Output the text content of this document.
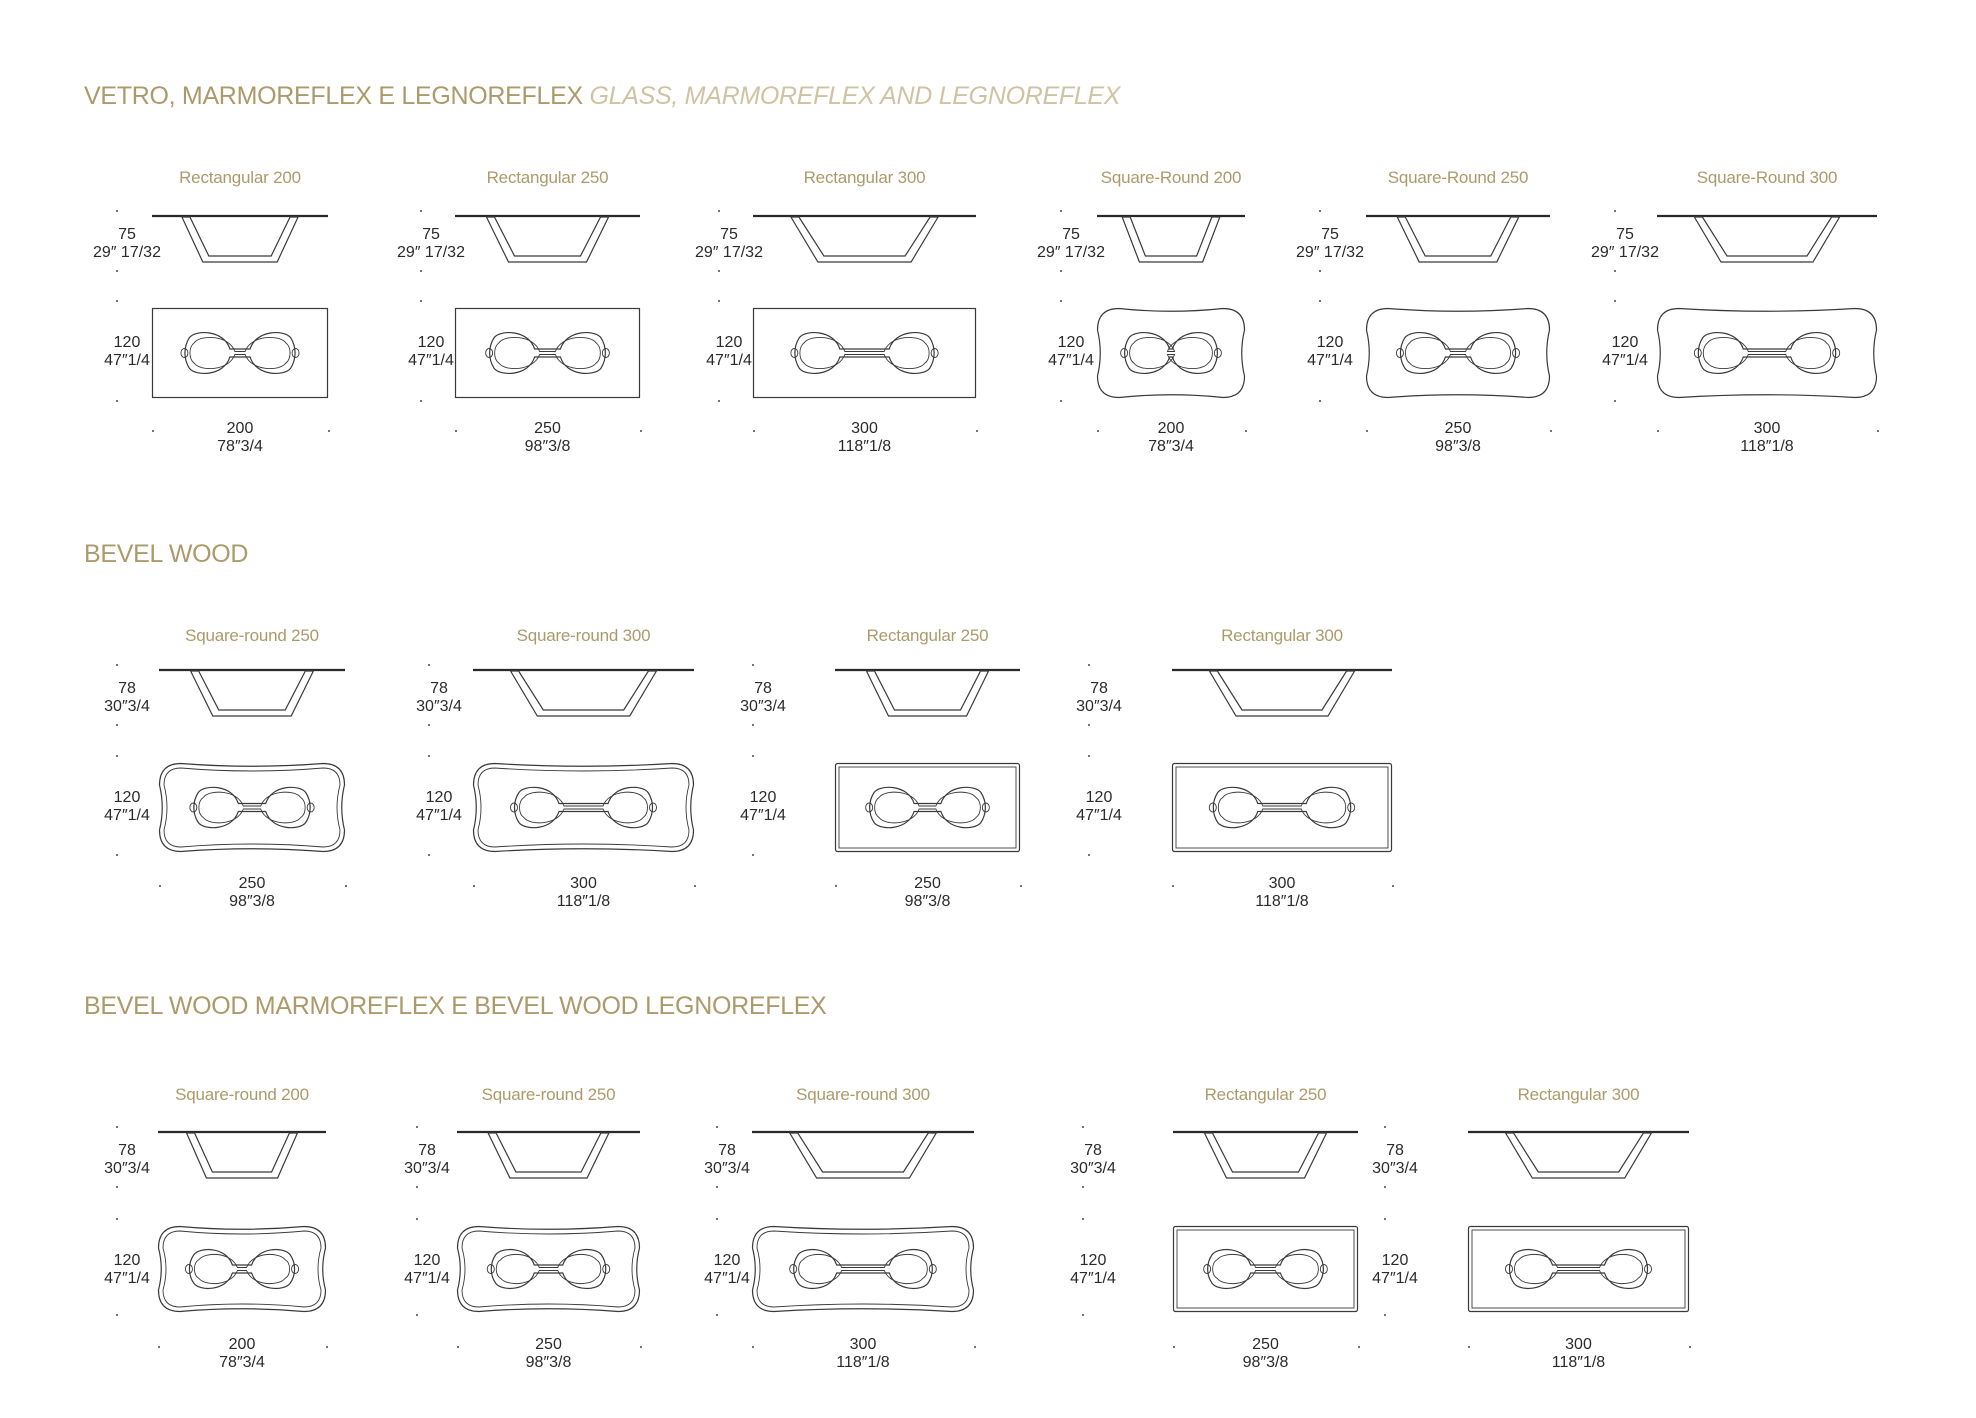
VETRO, MARMOREFLEX E LEGNOREFLEX GLASS, MARMOREFLEX AND LEGNOREFLEX
BEVEL WOOD
BEVEL WOOD MARMOREFLEX E BEVEL WOOD LEGNOREFLEX
Rectangular 200
75
29″ 17/32
120
47″1/4
200
78″3/4
Rectangular 250
75
29″ 17/32
120
47″1/4
250
98″3/8
Rectangular 300
75
29″ 17/32
120
47″1/4
300
118″1/8
Square-Round 200
75
29″ 17/32
120
47″1/4
200
78″3/4
Square-Round 250
75
29″ 17/32
120
47″1/4
250
98″3/8
Square-Round 300
75
29″ 17/32
120
47″1/4
300
118″1/8
Square-round 250
78
30″3/4
120
47″1/4
250
98″3/8
Square-round 300
78
30″3/4
120
47″1/4
300
118″1/8
Rectangular 250
78
30″3/4
120
47″1/4
250
98″3/8
Rectangular 300
78
30″3/4
120
47″1/4
300
118″1/8
Square-round 200
78
30″3/4
120
47″1/4
200
78″3/4
Square-round 250
78
30″3/4
120
47″1/4
250
98″3/8
Square-round 300
78
30″3/4
120
47″1/4
300
118″1/8
Rectangular 250
78
30″3/4
120
47″1/4
250
98″3/8
Rectangular 300
78
30″3/4
120
47″1/4
300
118″1/8
